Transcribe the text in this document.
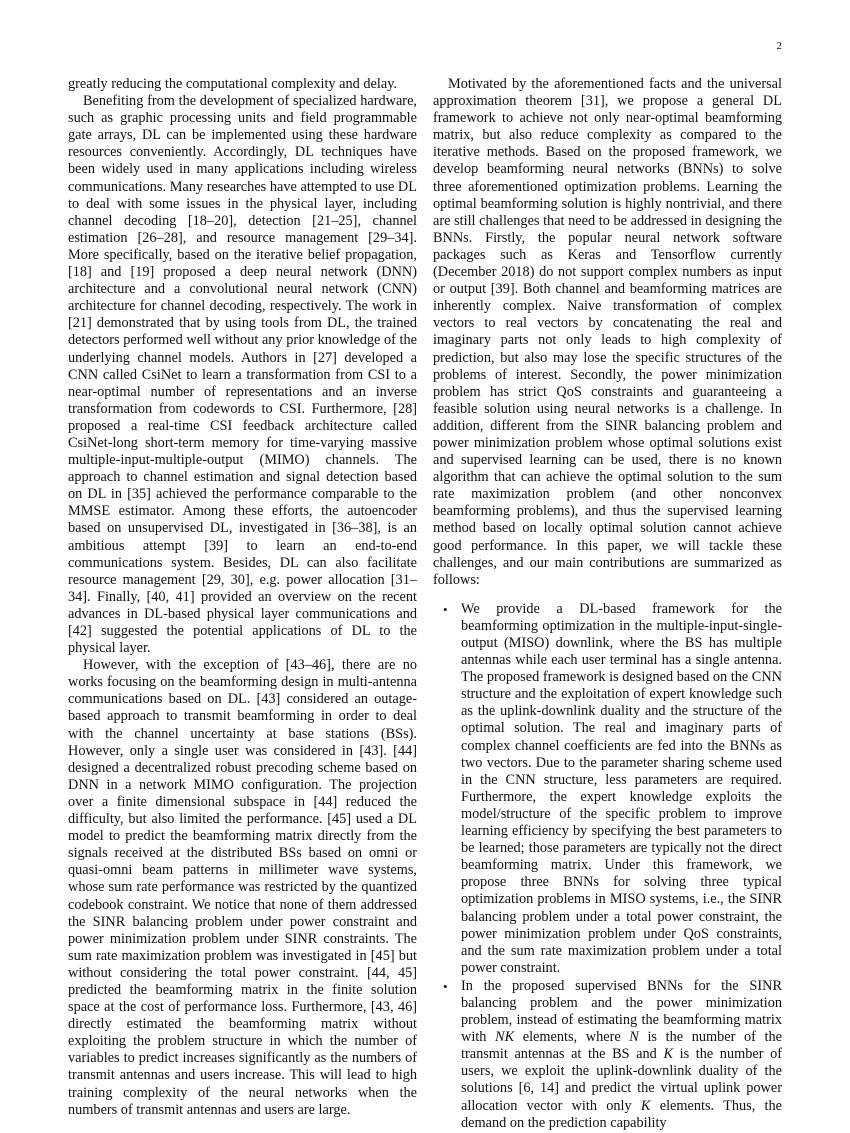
2

greatly reducing the computational complexity and delay.

Benefiting from the development of specialized hardware, such as graphic processing units and field programmable gate arrays, DL can be implemented using these hardware resources conveniently. Accordingly, DL techniques have been widely used in many applications including wireless communications. Many researches have attempted to use DL to deal with some issues in the physical layer, including channel decoding [18–20], detection [21–25], channel estimation [26–28], and resource management [29–34]. More specifically, based on the iterative belief propagation, [18] and [19] proposed a deep neural network (DNN) architecture and a convolutional neural network (CNN) architecture for channel decoding, respectively. The work in [21] demonstrated that by using tools from DL, the trained detectors performed well without any prior knowledge of the underlying channel models. Authors in [27] developed a CNN called CsiNet to learn a transformation from CSI to a near-optimal number of representations and an inverse transformation from codewords to CSI. Furthermore, [28] proposed a real-time CSI feedback architecture called CsiNet-long short-term memory for time-varying massive multiple-input-multiple-output (MIMO) channels. The approach to channel estimation and signal detection based on DL in [35] achieved the performance comparable to the MMSE estimator. Among these efforts, the autoencoder based on unsupervised DL, investigated in [36–38], is an ambitious attempt [39] to learn an end-to-end communications system. Besides, DL can also facilitate resource management [29, 30], e.g. power allocation [31–34]. Finally, [40, 41] provided an overview on the recent advances in DL-based physical layer communications and [42] suggested the potential applications of DL to the physical layer.

However, with the exception of [43–46], there are no works focusing on the beamforming design in multi-antenna communications based on DL. [43] considered an outage-based approach to transmit beamforming in order to deal with the channel uncertainty at base stations (BSs). However, only a single user was considered in [43]. [44] designed a decentralized robust precoding scheme based on DNN in a network MIMO configuration. The projection over a finite dimensional subspace in [44] reduced the difficulty, but also limited the performance. [45] used a DL model to predict the beamforming matrix directly from the signals received at the distributed BSs based on omni or quasi-omni beam patterns in millimeter wave systems, whose sum rate performance was restricted by the quantized codebook constraint. We notice that none of them addressed the SINR balancing problem under power constraint and power minimization problem under SINR constraints. The sum rate maximization problem was investigated in [45] but without considering the total power constraint. [44, 45] predicted the beamforming matrix in the finite solution space at the cost of performance loss. Furthermore, [43, 46] directly estimated the beamforming matrix without exploiting the problem structure in which the number of variables to predict increases significantly as the numbers of transmit antennas and users increase. This will lead to high training complexity of the neural networks when the numbers of transmit antennas and users are large.

Motivated by the aforementioned facts and the universal approximation theorem [31], we propose a general DL framework to achieve not only near-optimal beamforming matrix, but also reduce complexity as compared to the iterative methods. Based on the proposed framework, we develop beamforming neural networks (BNNs) to solve three aforementioned optimization problems. Learning the optimal beamforming solution is highly nontrivial, and there are still challenges that need to be addressed in designing the BNNs. Firstly, the popular neural network software packages such as Keras and Tensorflow currently (December 2018) do not support complex numbers as input or output [39]. Both channel and beamforming matrices are inherently complex. Naive transformation of complex vectors to real vectors by concatenating the real and imaginary parts not only leads to high complexity of prediction, but also may lose the specific structures of the problems of interest. Secondly, the power minimization problem has strict QoS constraints and guaranteeing a feasible solution using neural networks is a challenge. In addition, different from the SINR balancing problem and power minimization problem whose optimal solutions exist and supervised learning can be used, there is no known algorithm that can achieve the optimal solution to the sum rate maximization problem (and other nonconvex beamforming problems), and thus the supervised learning method based on locally optimal solution cannot achieve good performance. In this paper, we will tackle these challenges, and our main contributions are summarized as follows:

• We provide a DL-based framework for the beamforming optimization in the multiple-input-single-output (MISO) downlink, where the BS has multiple antennas while each user terminal has a single antenna. The proposed framework is designed based on the CNN structure and the exploitation of expert knowledge such as the uplink-downlink duality and the structure of the optimal solution. The real and imaginary parts of complex channel coefficients are fed into the BNNs as two vectors. Due to the parameter sharing scheme used in the CNN structure, less parameters are required. Furthermore, the expert knowledge exploits the model/structure of the specific problem to improve learning efficiency by specifying the best parameters to be learned; those parameters are typically not the direct beamforming matrix. Under this framework, we propose three BNNs for solving three typical optimization problems in MISO systems, i.e., the SINR balancing problem under a total power constraint, the power minimization problem under QoS constraints, and the sum rate maximization problem under a total power constraint.
• In the proposed supervised BNNs for the SINR balancing problem and the power minimization problem, instead of estimating the beamforming matrix with NK elements, where N is the number of the transmit antennas at the BS and K is the number of users, we exploit the uplink-downlink duality of the solutions [6, 14] and predict the virtual uplink power allocation vector with only K elements. Thus, the demand on the prediction capability
